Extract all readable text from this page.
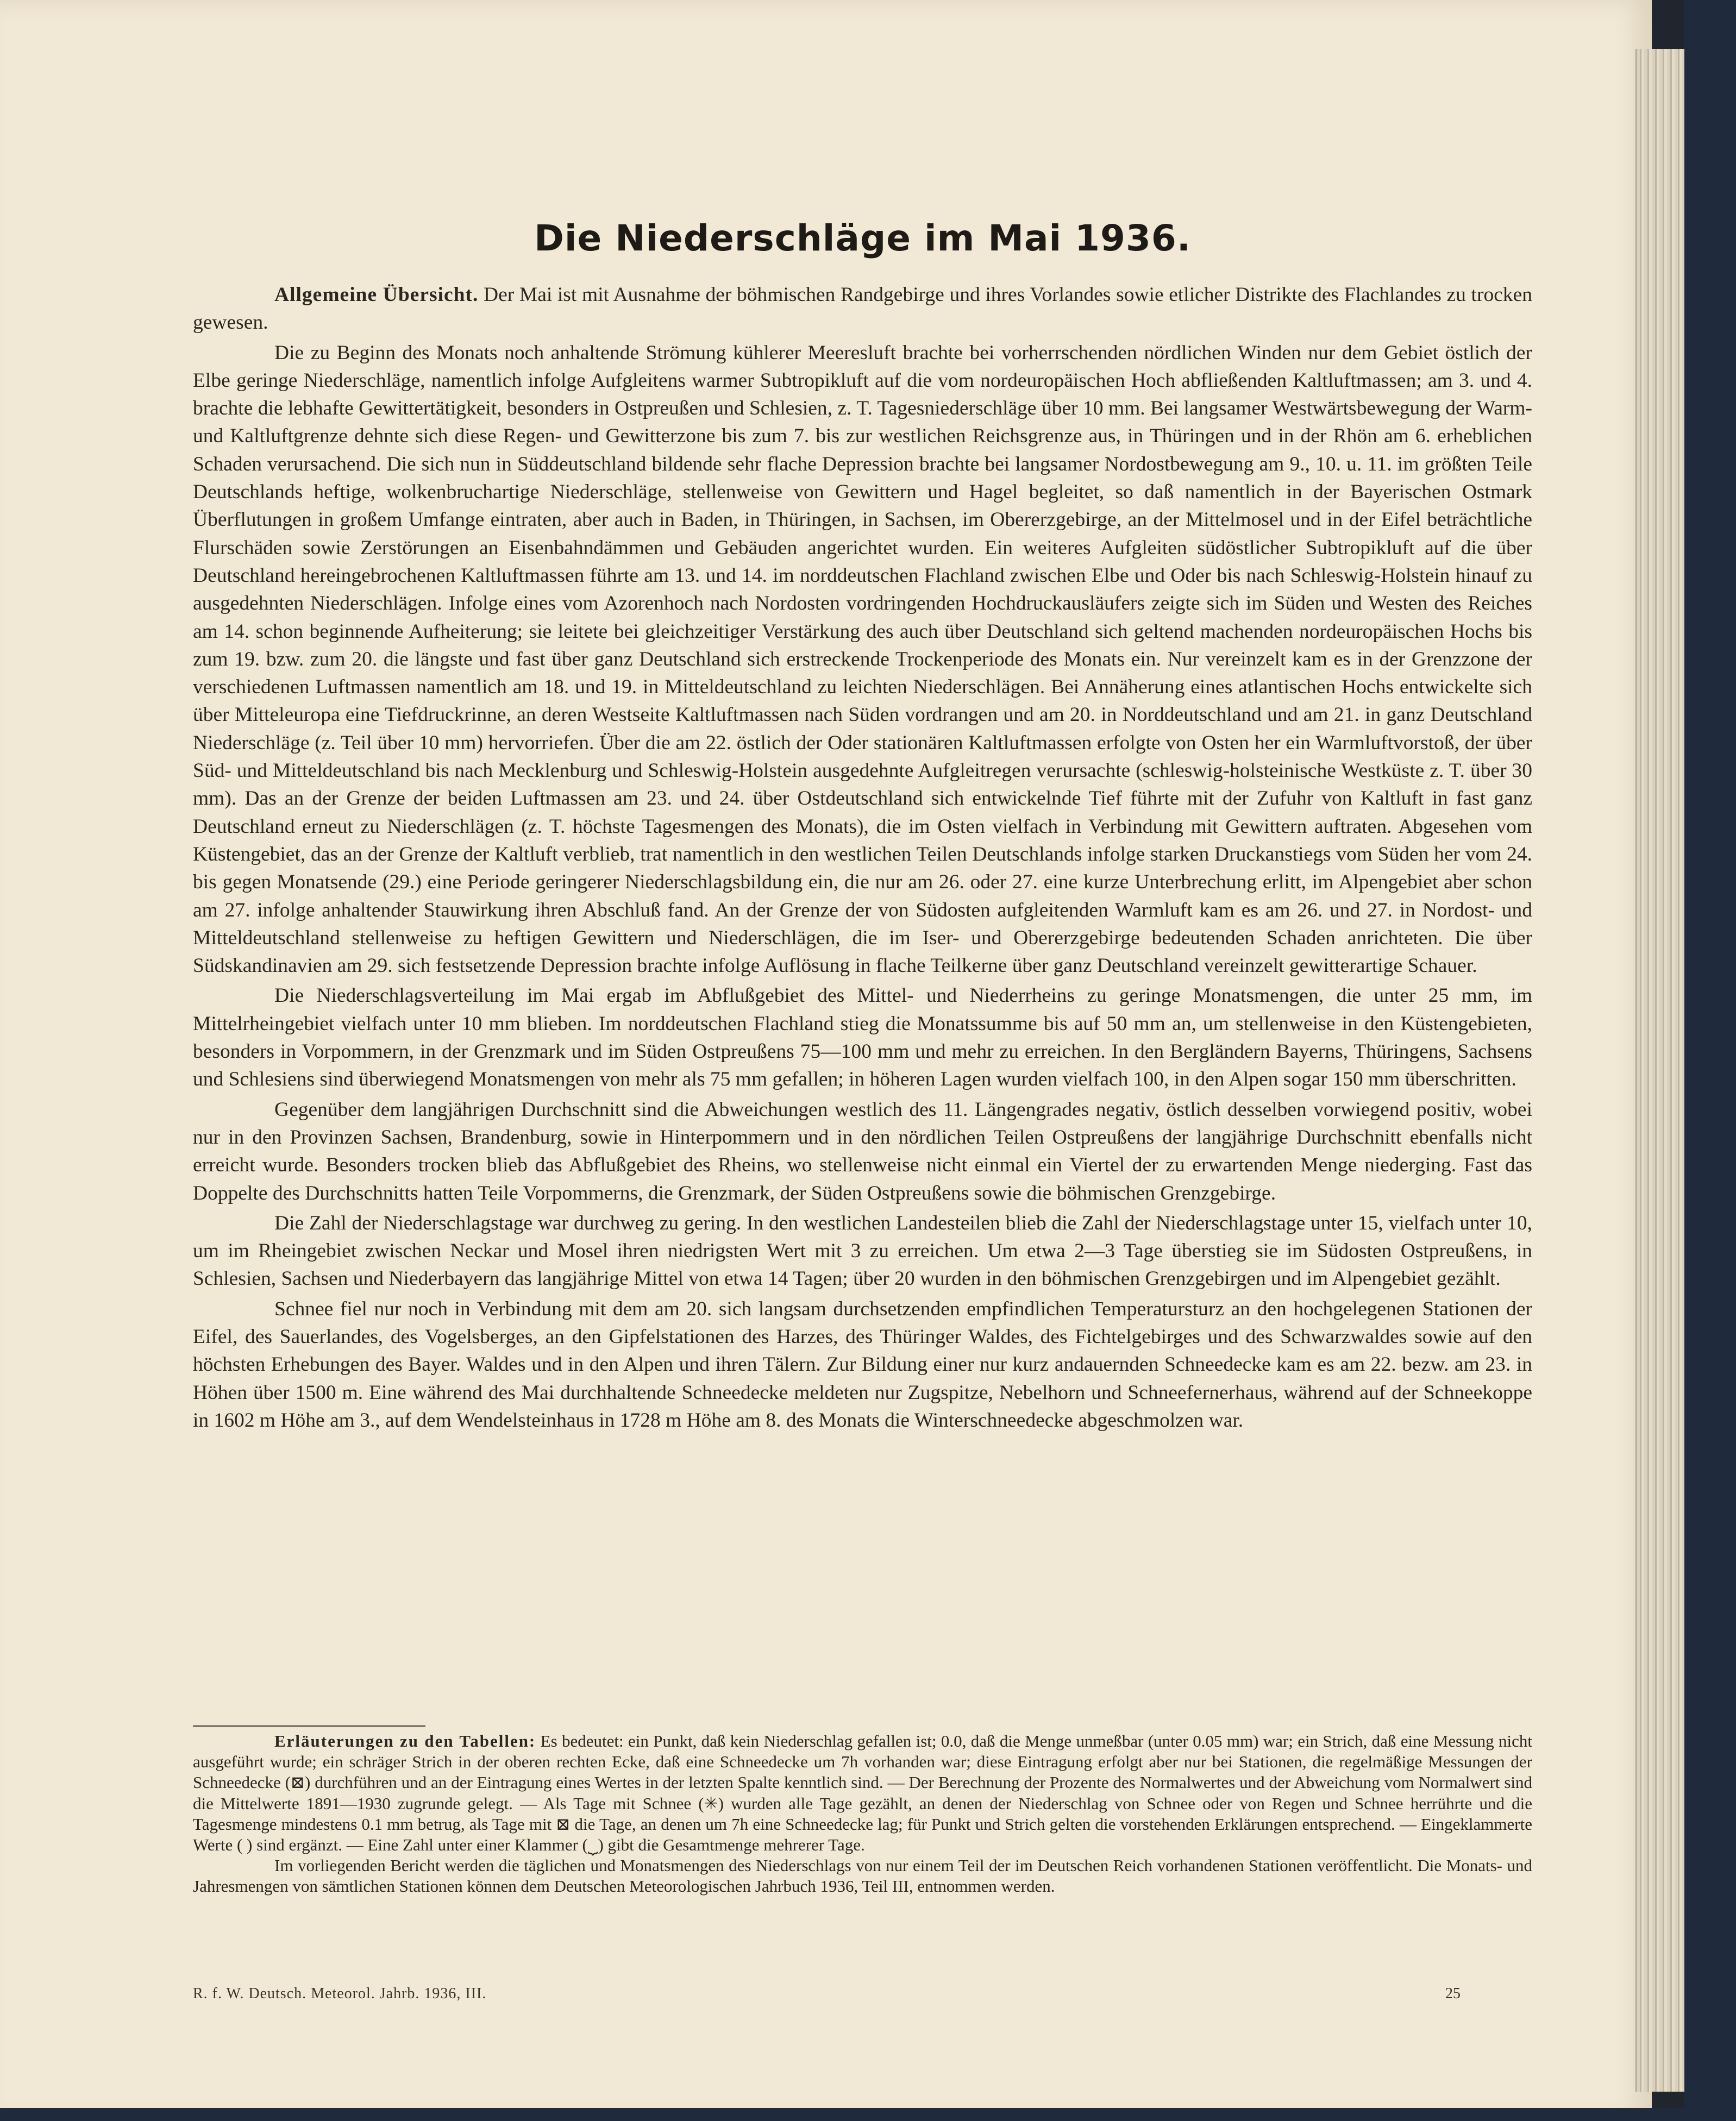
Die Niederschläge im Mai 1936.

Allgemeine Übersicht. Der Mai ist mit Ausnahme der böhmischen Randgebirge und ihres Vorlandes sowie etlicher Distrikte des Flachlandes zu trocken gewesen.

Die zu Beginn des Monats noch anhaltende Strömung kühlerer Meeresluft brachte bei vorherrschenden nördlichen Winden nur dem Gebiet östlich der Elbe geringe Niederschläge, namentlich infolge Aufgleitens warmer Subtropikluft auf die vom nordeuropäischen Hoch abfließenden Kaltluftmassen; am 3. und 4. brachte die lebhafte Gewittertätigkeit, besonders in Ostpreußen und Schlesien, z. T. Tagesniederschläge über 10 mm. Bei langsamer Westwärtsbewegung der Warm- und Kaltluftgrenze dehnte sich diese Regen- und Gewitterzone bis zum 7. bis zur westlichen Reichsgrenze aus, in Thüringen und in der Rhön am 6. erheblichen Schaden verursachend. Die sich nun in Süddeutschland bildende sehr flache Depression brachte bei langsamer Nordostbewegung am 9., 10. u. 11. im größten Teile Deutschlands heftige, wolkenbruchartige Niederschläge, stellenweise von Gewittern und Hagel begleitet, so daß namentlich in der Bayerischen Ostmark Überflutungen in großem Umfange eintraten, aber auch in Baden, in Thüringen, in Sachsen, im Obererzgebirge, an der Mittelmosel und in der Eifel beträchtliche Flurschäden sowie Zerstörungen an Eisenbahndämmen und Gebäuden angerichtet wurden. Ein weiteres Aufgleiten südöstlicher Subtropikluft auf die über Deutschland hereingebrochenen Kaltluftmassen führte am 13. und 14. im norddeutschen Flachland zwischen Elbe und Oder bis nach Schleswig-Holstein hinauf zu ausgedehnten Niederschlägen. Infolge eines vom Azorenhoch nach Nordosten vordringenden Hochdruckausläufers zeigte sich im Süden und Westen des Reiches am 14. schon beginnende Aufheiterung; sie leitete bei gleichzeitiger Verstärkung des auch über Deutschland sich geltend machenden nordeuropäischen Hochs bis zum 19. bzw. zum 20. die längste und fast über ganz Deutschland sich erstreckende Trockenperiode des Monats ein. Nur vereinzelt kam es in der Grenzzone der verschiedenen Luftmassen namentlich am 18. und 19. in Mitteldeutschland zu leichten Niederschlägen. Bei Annäherung eines atlantischen Hochs entwickelte sich über Mitteleuropa eine Tiefdruckrinne, an deren Westseite Kaltluftmassen nach Süden vordrangen und am 20. in Norddeutschland und am 21. in ganz Deutschland Niederschläge (z. Teil über 10 mm) hervorriefen. Über die am 22. östlich der Oder stationären Kaltluftmassen erfolgte von Osten her ein Warmluftvorstoß, der über Süd- und Mitteldeutschland bis nach Mecklenburg und Schleswig-Holstein ausgedehnte Aufgleitregen verursachte (schleswig-holsteinische Westküste z. T. über 30 mm). Das an der Grenze der beiden Luftmassen am 23. und 24. über Ostdeutschland sich entwickelnde Tief führte mit der Zufuhr von Kaltluft in fast ganz Deutschland erneut zu Niederschlägen (z. T. höchste Tagesmengen des Monats), die im Osten vielfach in Verbindung mit Gewittern auftraten. Abgesehen vom Küstengebiet, das an der Grenze der Kaltluft verblieb, trat namentlich in den westlichen Teilen Deutschlands infolge starken Druckanstiegs vom Süden her vom 24. bis gegen Monatsende (29.) eine Periode geringerer Niederschlagsbildung ein, die nur am 26. oder 27. eine kurze Unterbrechung erlitt, im Alpengebiet aber schon am 27. infolge anhaltender Stauwirkung ihren Abschluß fand. An der Grenze der von Südosten aufgleitenden Warmluft kam es am 26. und 27. in Nordost- und Mitteldeutschland stellenweise zu heftigen Gewittern und Niederschlägen, die im Iser- und Obererzgebirge bedeutenden Schaden anrichteten. Die über Südskandinavien am 29. sich festsetzende Depression brachte infolge Auflösung in flache Teilkerne über ganz Deutschland vereinzelt gewitterartige Schauer.

Die Niederschlagsverteilung im Mai ergab im Abflußgebiet des Mittel- und Niederrheins zu geringe Monatsmengen, die unter 25 mm, im Mittelrheingebiet vielfach unter 10 mm blieben. Im norddeutschen Flachland stieg die Monatssumme bis auf 50 mm an, um stellenweise in den Küstengebieten, besonders in Vorpommern, in der Grenzmark und im Süden Ostpreußens 75—100 mm und mehr zu erreichen. In den Bergländern Bayerns, Thüringens, Sachsens und Schlesiens sind überwiegend Monatsmengen von mehr als 75 mm gefallen; in höheren Lagen wurden vielfach 100, in den Alpen sogar 150 mm überschritten.

Gegenüber dem langjährigen Durchschnitt sind die Abweichungen westlich des 11. Längengrades negativ, östlich desselben vorwiegend positiv, wobei nur in den Provinzen Sachsen, Brandenburg, sowie in Hinterpommern und in den nördlichen Teilen Ostpreußens der langjährige Durchschnitt ebenfalls nicht erreicht wurde. Besonders trocken blieb das Abflußgebiet des Rheins, wo stellenweise nicht einmal ein Viertel der zu erwartenden Menge niederging. Fast das Doppelte des Durchschnitts hatten Teile Vorpommerns, die Grenzmark, der Süden Ostpreußens sowie die böhmischen Grenzgebirge.

Die Zahl der Niederschlagstage war durchweg zu gering. In den westlichen Landesteilen blieb die Zahl der Niederschlagstage unter 15, vielfach unter 10, um im Rheingebiet zwischen Neckar und Mosel ihren niedrigsten Wert mit 3 zu erreichen. Um etwa 2—3 Tage überstieg sie im Südosten Ostpreußens, in Schlesien, Sachsen und Niederbayern das langjährige Mittel von etwa 14 Tagen; über 20 wurden in den böhmischen Grenzgebirgen und im Alpengebiet gezählt.

Schnee fiel nur noch in Verbindung mit dem am 20. sich langsam durchsetzenden empfindlichen Temperatursturz an den hochgelegenen Stationen der Eifel, des Sauerlandes, des Vogelsberges, an den Gipfelstationen des Harzes, des Thüringer Waldes, des Fichtelgebirges und des Schwarzwaldes sowie auf den höchsten Erhebungen des Bayer. Waldes und in den Alpen und ihren Tälern. Zur Bildung einer nur kurz andauernden Schneedecke kam es am 22. bezw. am 23. in Höhen über 1500 m. Eine während des Mai durchhaltende Schneedecke meldeten nur Zugspitze, Nebelhorn und Schneefernerhaus, während auf der Schneekoppe in 1602 m Höhe am 3., auf dem Wendelsteinhaus in 1728 m Höhe am 8. des Monats die Winterschneedecke abgeschmolzen war.

Erläuterungen zu den Tabellen: Es bedeutet: ein Punkt, daß kein Niederschlag gefallen ist; 0.0, daß die Menge unmeßbar (unter 0.05 mm) war; ein Strich, daß eine Messung nicht ausgeführt wurde; ein schräger Strich in der oberen rechten Ecke, daß eine Schneedecke um 7h vorhanden war; diese Eintragung erfolgt aber nur bei Stationen, die regelmäßige Messungen der Schneedecke (⊠) durchführen und an der Eintragung eines Wertes in der letzten Spalte kenntlich sind. — Der Berechnung der Prozente des Normalwertes und der Abweichung vom Normalwert sind die Mittelwerte 1891—1930 zugrunde gelegt. — Als Tage mit Schnee (✳) wurden alle Tage gezählt, an denen der Niederschlag von Schnee oder von Regen und Schnee herrührte und die Tagesmenge mindestens 0.1 mm betrug, als Tage mit ⊠ die Tage, an denen um 7h eine Schneedecke lag; für Punkt und Strich gelten die vorstehenden Erklärungen entsprechend. — Eingeklammerte Werte ( ) sind ergänzt. — Eine Zahl unter einer Klammer (⏟) gibt die Gesamtmenge mehrerer Tage.

Im vorliegenden Bericht werden die täglichen und Monatsmengen des Niederschlags von nur einem Teil der im Deutschen Reich vorhandenen Stationen veröffentlicht. Die Monats- und Jahresmengen von sämtlichen Stationen können dem Deutschen Meteorologischen Jahrbuch 1936, Teil III, entnommen werden.

R. f. W. Deutsch. Meteorol. Jahrb. 1936, III.	25
